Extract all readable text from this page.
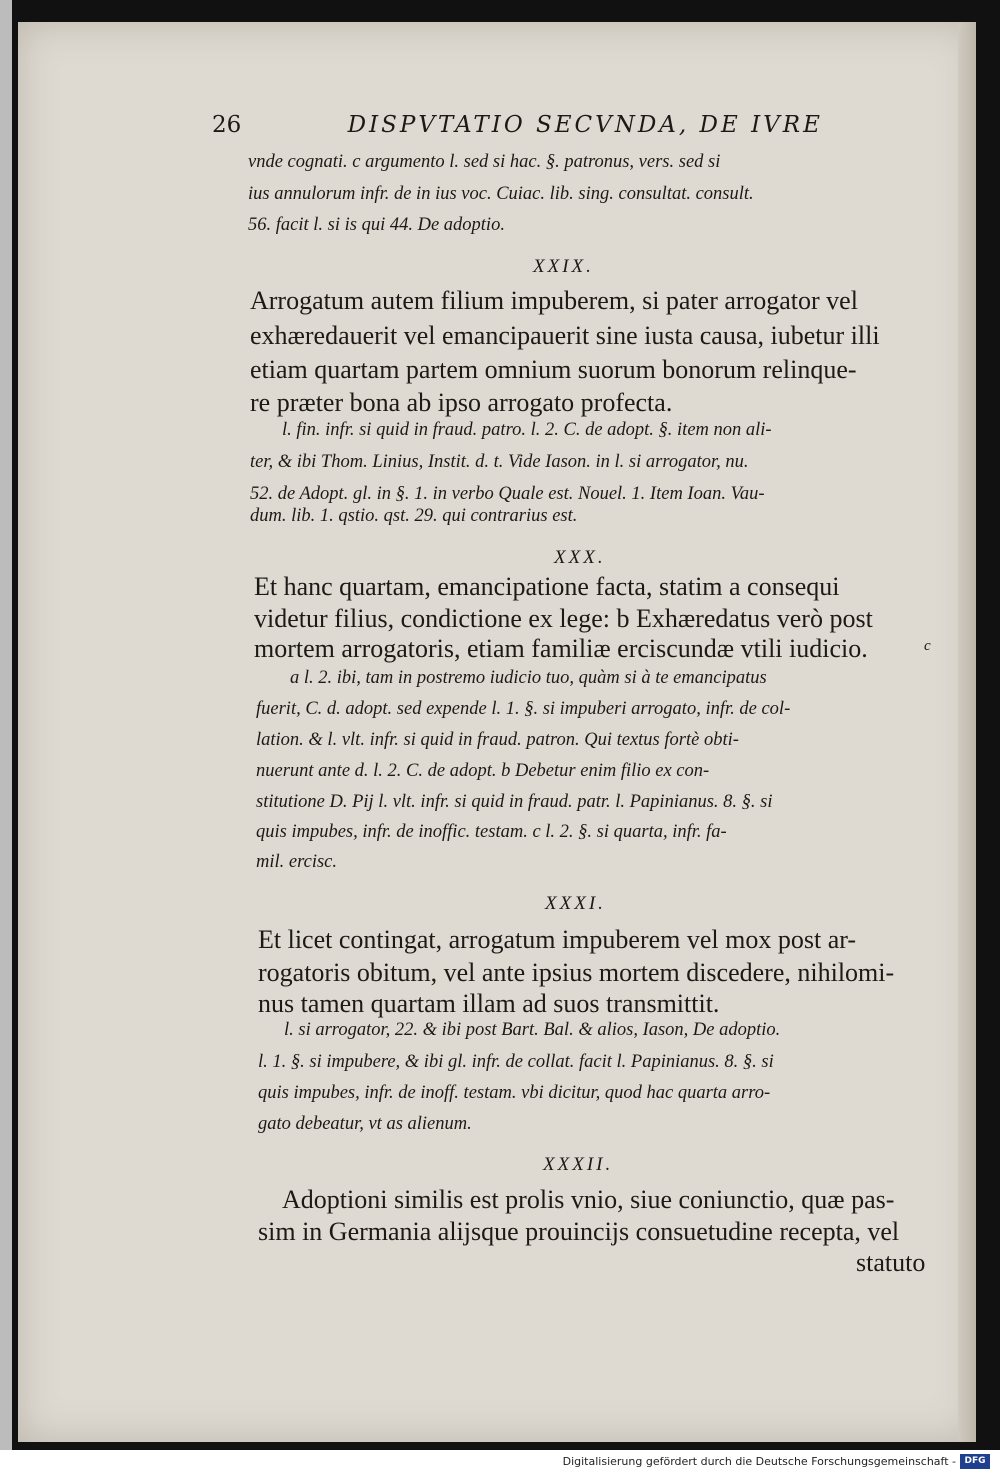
26	DISPVTATIO SECVNDA, DE IVRE
vnde cognati. c argumento l. sed si hac. §. patronus, vers. sed si
ius annulorum infr. de in ius voc. Cuiac. lib. sing. consultat. consult.
56. facit l. si is qui 44. De adoptio.
XXIX.
Arrogatum autem filium impuberem, si pater arrogator vel
exhæredauerit vel emancipauerit sine iusta causa, iubetur illi
etiam quartam partem omnium suorum bonorum relinque-
re præter bona ab ipso arrogato profecta.
l. fin. infr. si quid in fraud. patro. l. 2. C. de adopt. §. item non ali-
ter, & ibi Thom. Linius, Instit. d. t. Vide Iason. in l. si arrogator, nu.
52. de Adopt. gl. in §. 1. in verbo Quale est. Nouel. 1. Item Ioan. Vau-
dum. lib. 1. qstio. qst. 29. qui contrarius est.
XXX.
Et hanc quartam, emancipatione facta, statim a consequi
videtur filius, condictione ex lege: b Exhæredatus verò post
mortem arrogatoris, etiam familiæ erciscundæ vtili iudicio.	c
a l. 2. ibi, tam in postremo iudicio tuo, quàm si à te emancipatus
fuerit, C. d. adopt. sed expende l. 1. §. si impuberi arrogato, infr. de col-
lation. & l. vlt. infr. si quid in fraud. patron. Qui textus fortè obti-
nuerunt ante d. l. 2. C. de adopt. b Debetur enim filio ex con-
stitutione D. Pij l. vlt. infr. si quid in fraud. patr. l. Papinianus. 8. §. si
quis impubes, infr. de inoffic. testam. c l. 2. §. si quarta, infr. fa-
mil. ercisc.
XXXI.
Et licet contingat, arrogatum impuberem vel mox post ar-
rogatoris obitum, vel ante ipsius mortem discedere, nihilomi-
nus tamen quartam illam ad suos transmittit.
l. si arrogator, 22. & ibi post Bart. Bal. & alios, Iason, De adoptio.
l. 1. §. si impubere, & ibi gl. infr. de collat. facit l. Papinianus. 8. §. si
quis impubes, infr. de inoff. testam. vbi dicitur, quod hac quarta arro-
gato debeatur, vt as alienum.
XXXII.
Adoptioni similis est prolis vnio, siue coniunctio, quæ pas-
sim in Germania alijsque prouincijs consuetudine recepta, vel
statuto
Digitalisierung gefördert durch die Deutsche Forschungsgemeinschaft - DFG
